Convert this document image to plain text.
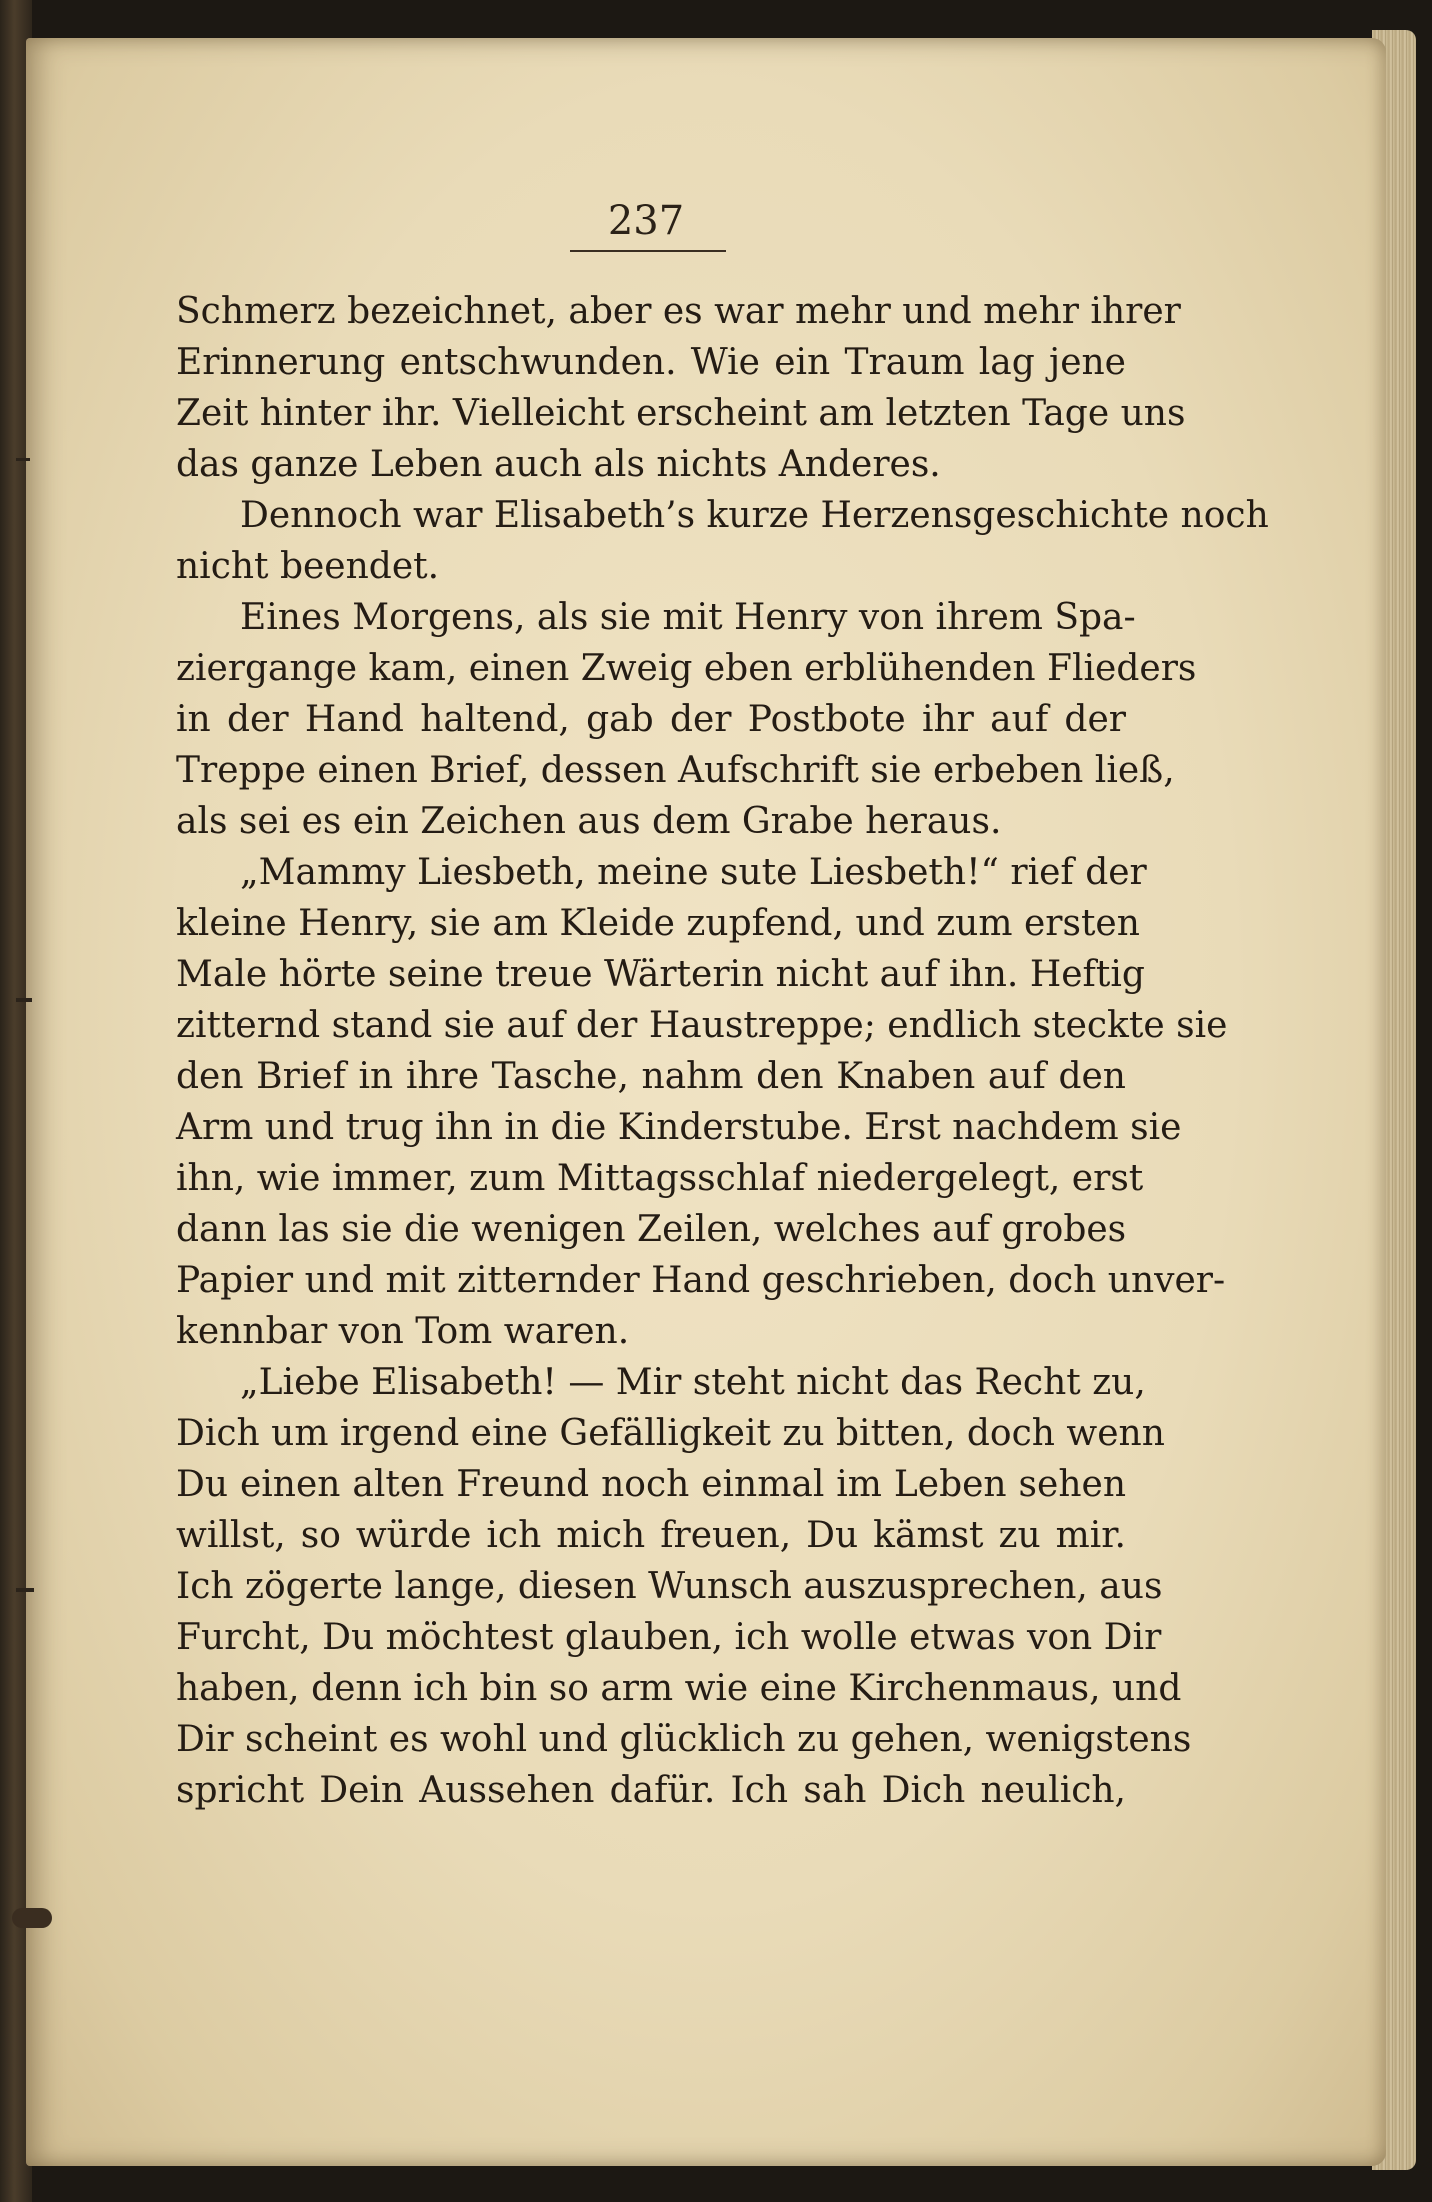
237
Schmerz bezeichnet, aber es war mehr und mehr ihrer
Erinnerung entschwunden. Wie ein Traum lag jene
Zeit hinter ihr. Vielleicht erscheint am letzten Tage uns
das ganze Leben auch als nichts Anderes.
Dennoch war Elisabeth’s kurze Herzensgeschichte noch
nicht beendet.
Eines Morgens, als sie mit Henry von ihrem Spa-
ziergange kam, einen Zweig eben erblühenden Flieders
in der Hand haltend, gab der Postbote ihr auf der
Treppe einen Brief, dessen Aufschrift sie erbeben ließ,
als sei es ein Zeichen aus dem Grabe heraus.
„Mammy Liesbeth, meine sute Liesbeth!“ rief der
kleine Henry, sie am Kleide zupfend, und zum ersten
Male hörte seine treue Wärterin nicht auf ihn. Heftig
zitternd stand sie auf der Haustreppe; endlich steckte sie
den Brief in ihre Tasche, nahm den Knaben auf den
Arm und trug ihn in die Kinderstube. Erst nachdem sie
ihn, wie immer, zum Mittagsschlaf niedergelegt, erst
dann las sie die wenigen Zeilen, welches auf grobes
Papier und mit zitternder Hand geschrieben, doch unver-
kennbar von Tom waren.
„Liebe Elisabeth! — Mir steht nicht das Recht zu,
Dich um irgend eine Gefälligkeit zu bitten, doch wenn
Du einen alten Freund noch einmal im Leben sehen
willst, so würde ich mich freuen, Du kämst zu mir.
Ich zögerte lange, diesen Wunsch auszusprechen, aus
Furcht, Du möchtest glauben, ich wolle etwas von Dir
haben, denn ich bin so arm wie eine Kirchenmaus, und
Dir scheint es wohl und glücklich zu gehen, wenigstens
spricht Dein Aussehen dafür. Ich sah Dich neulich,
